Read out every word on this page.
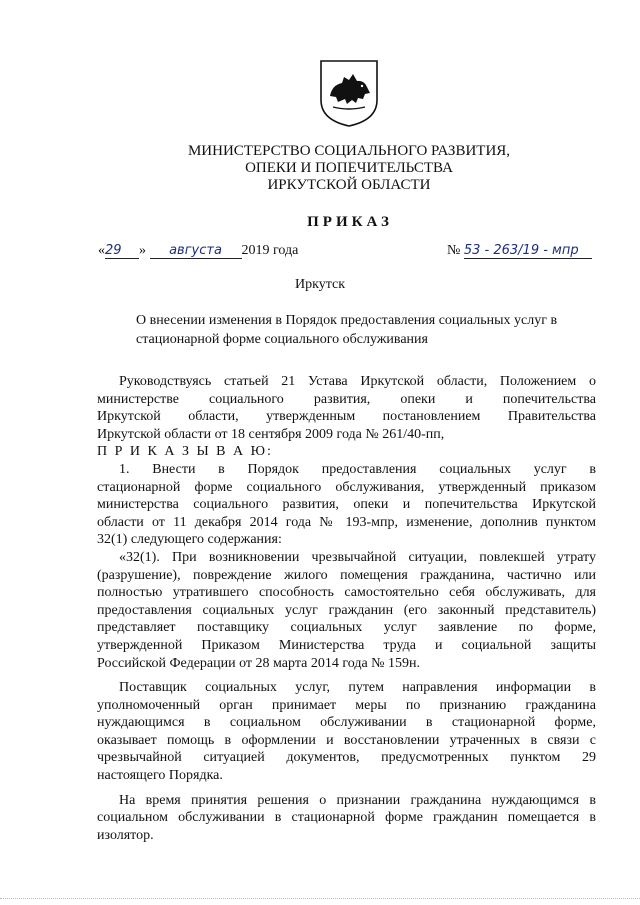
МИНИСТЕРСТВО СОЦИАЛЬНОГО РАЗВИТИЯ,
ОПЕКИ И ПОПЕЧИТЕЛЬСТВА
ИРКУТСКОЙ ОБЛАСТИ
ПРИКАЗ
«29 » августа 2019 года	№ 53 - 263/19 - мпр
Иркутск
О внесении изменения в Порядок предоставления социальных услуг в
стационарной форме социального обслуживания
Руководствуясь статьей 21 Устава Иркутской области, Положением о
министерстве социального развития, опеки и попечительства
Иркутской области, утвержденным постановлением Правительства
Иркутской области от 18 сентября 2009 года № 261/40-пп,
П Р И К А З Ы В А Ю:
1. Внести в Порядок предоставления социальных услуг в
стационарной форме социального обслуживания, утвержденный приказом
министерства социального развития, опеки и попечительства Иркутской
области от 11 декабря 2014 года № 193-мпр, изменение, дополнив пунктом
32(1) следующего содержания:
«32(1). При возникновении чрезвычайной ситуации, повлекшей утрату
(разрушение), повреждение жилого помещения гражданина, частично или
полностью утратившего способность самостоятельно себя обслуживать, для
предоставления социальных услуг гражданин (его законный представитель)
представляет поставщику социальных услуг заявление по форме,
утвержденной Приказом Министерства труда и социальной защиты
Российской Федерации от 28 марта 2014 года № 159н.
Поставщик социальных услуг, путем направления информации в
уполномоченный орган принимает меры по признанию гражданина
нуждающимся в социальном обслуживании в стационарной форме,
оказывает помощь в оформлении и восстановлении утраченных в связи с
чрезвычайной ситуацией документов, предусмотренных пунктом 29
настоящего Порядка.
На время принятия решения о признании гражданина нуждающимся в
социальном обслуживании в стационарной форме гражданин помещается в
изолятор.
